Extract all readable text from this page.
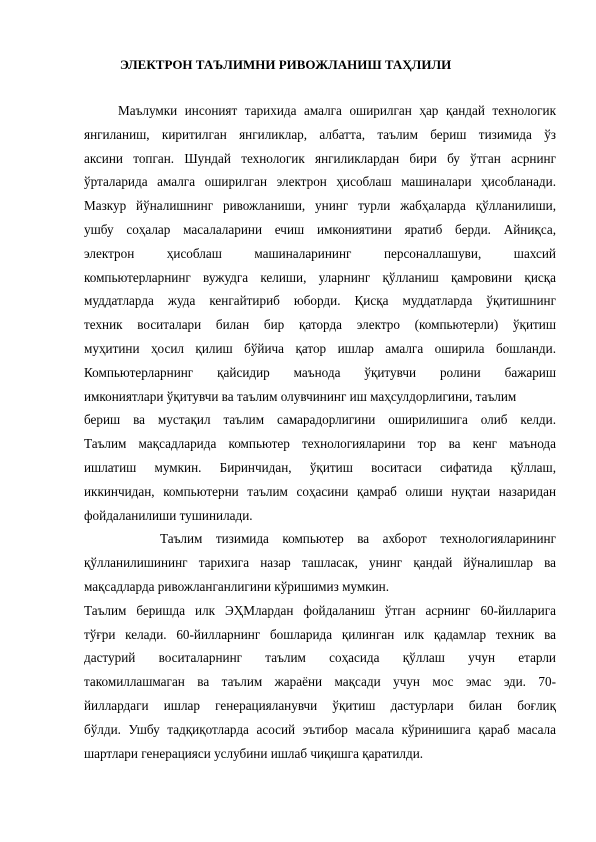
ЭЛЕКТРОН ТАЪЛИМНИ РИВОЖЛАНИШ ТАҲЛИЛИ
Маълумки инсоният тарихида амалга оширилган ҳар қандай технологик
янгиланиш, киритилган янгиликлар, албатта, таълим бериш тизимида ўз
аксини топган. Шундай технологик янгиликлардан бири бу ўтган асрнинг
ўрталарида амалга оширилган электрон ҳисоблаш машиналари ҳисобланади.
Мазкур йўналишнинг ривожланиши, унинг турли жабҳаларда қўлланилиши,
ушбу соҳалар масалаларини ечиш имкониятини яратиб берди. Айниқса,
электрон ҳисоблаш машиналарининг персоналлашуви, шахсий
компьютерларнинг вужудга келиши, уларнинг қўлланиш қамровини қисқа
муддатларда жуда кенгайтириб юборди. Қисқа муддатларда ўқитишнинг
техник воситалари билан бир қаторда электро (компьютерли) ўқитиш
муҳитини ҳосил қилиш бўйича қатор ишлар амалга оширила бошланди.
Компьютерларнинг қайсидир маънода ўқитувчи ролини бажариш
имкониятлари ўқитувчи ва таълим олувчининг иш маҳсулдорлигини, таълим
бериш ва мустақил таълим самарадорлигини оширилишига олиб келди.
Таълим мақсадларида компьютер технологияларини тор ва кенг маънода
ишлатиш мумкин. Биринчидан, ўқитиш воситаси сифатида қўллаш,
иккинчидан, компьютерни таълим соҳасини қамраб олиши нуқтаи назаридан
фойдаланилиши тушинилади.
Таълим тизимида компьютер ва ахборот технологияларининг
қўлланилишининг тарихига назар ташласак, унинг қандай йўналишлар ва
мақсадларда ривожланганлигини кўришимиз мумкин.
Таълим беришда илк ЭҲМлардан фойдаланиш ўтган асрнинг 60-йилларига
тўғри келади. 60-йилларнинг бошларида қилинган илк қадамлар техник ва
дастурий воситаларнинг таълим соҳасида қўллаш учун етарли
такомиллашмаган ва таълим жараёни мақсади учун мос эмас эди. 70-
йиллардаги ишлар генерацияланувчи ўқитиш дастурлари билан боғлиқ
бўлди. Ушбу тадқиқотларда асосий эътибор масала кўринишига қараб масала
шартлари генерацияси услубини ишлаб чиқишга қаратилди.
